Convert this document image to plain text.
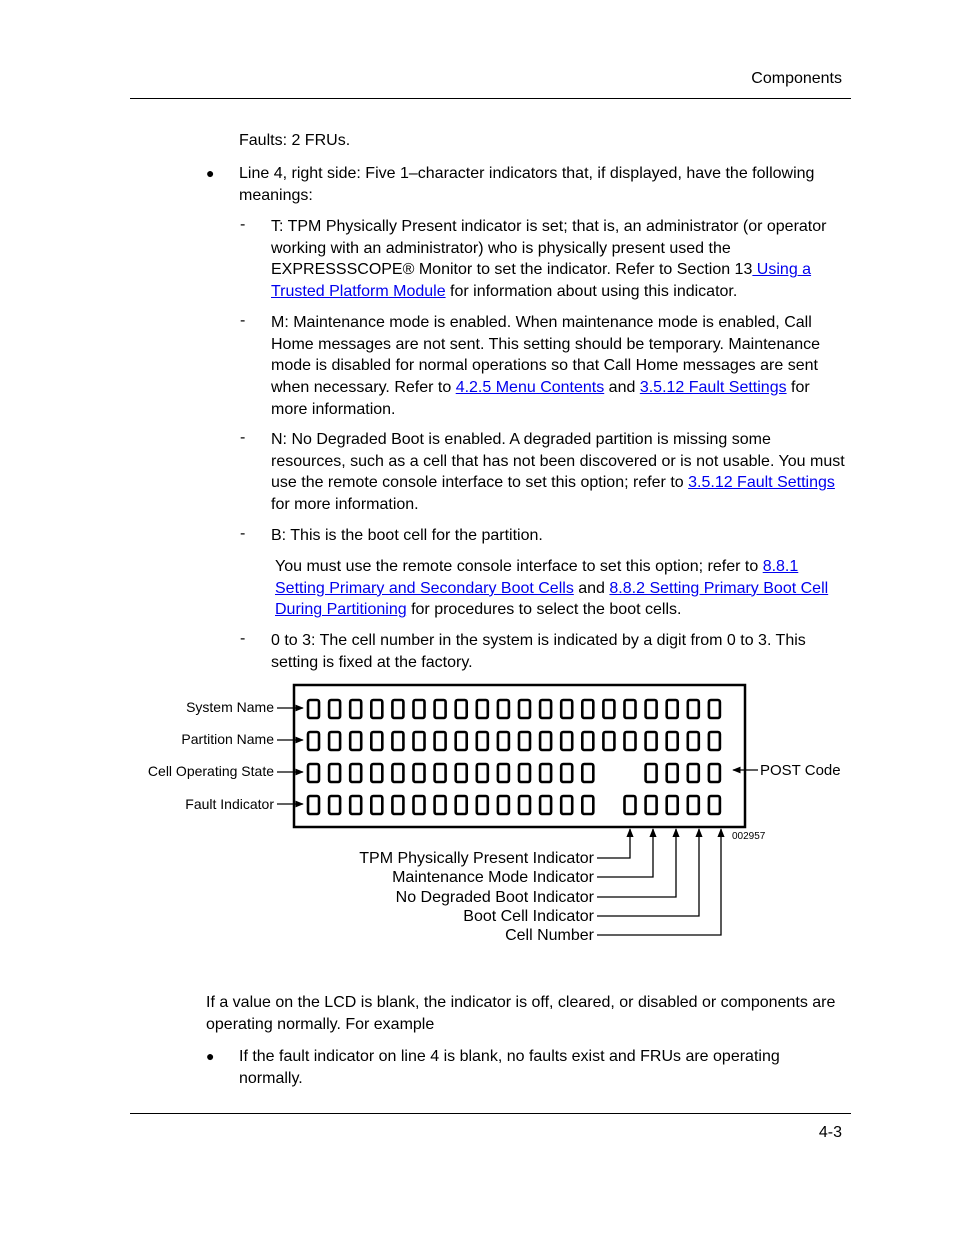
Components

Faults: 2 FRUs.

● Line 4, right side: Five 1–character indicators that, if displayed, have the following meanings:

- T: TPM Physically Present indicator is set; that is, an administrator (or operator working with an administrator) who is physically present used the EXPRESSSCOPE® Monitor to set the indicator. Refer to Section 13 Using a Trusted Platform Module for information about using this indicator.

- M: Maintenance mode is enabled. When maintenance mode is enabled, Call Home messages are not sent. This setting should be temporary. Maintenance mode is disabled for normal operations so that Call Home messages are sent when necessary. Refer to 4.2.5 Menu Contents and 3.5.12 Fault Settings for more information.

- N: No Degraded Boot is enabled. A degraded partition is missing some resources, such as a cell that has not been discovered or is not usable. You must use the remote console interface to set this option; refer to 3.5.12 Fault Settings for more information.

- B: This is the boot cell for the partition.

You must use the remote console interface to set this option; refer to 8.8.1 Setting Primary and Secondary Boot Cells and 8.8.2 Setting Primary Boot Cell During Partitioning for procedures to select the boot cells.

- 0 to 3: The cell number in the system is indicated by a digit from 0 to 3. This setting is fixed at the factory.

System Name
Partition Name
Cell Operating State
Fault Indicator
POST Code
002957
TPM Physically Present Indicator
Maintenance Mode Indicator
No Degraded Boot Indicator
Boot Cell Indicator
Cell Number

If a value on the LCD is blank, the indicator is off, cleared, or disabled or components are operating normally. For example

● If the fault indicator on line 4 is blank, no faults exist and FRUs are operating normally.

4-3
